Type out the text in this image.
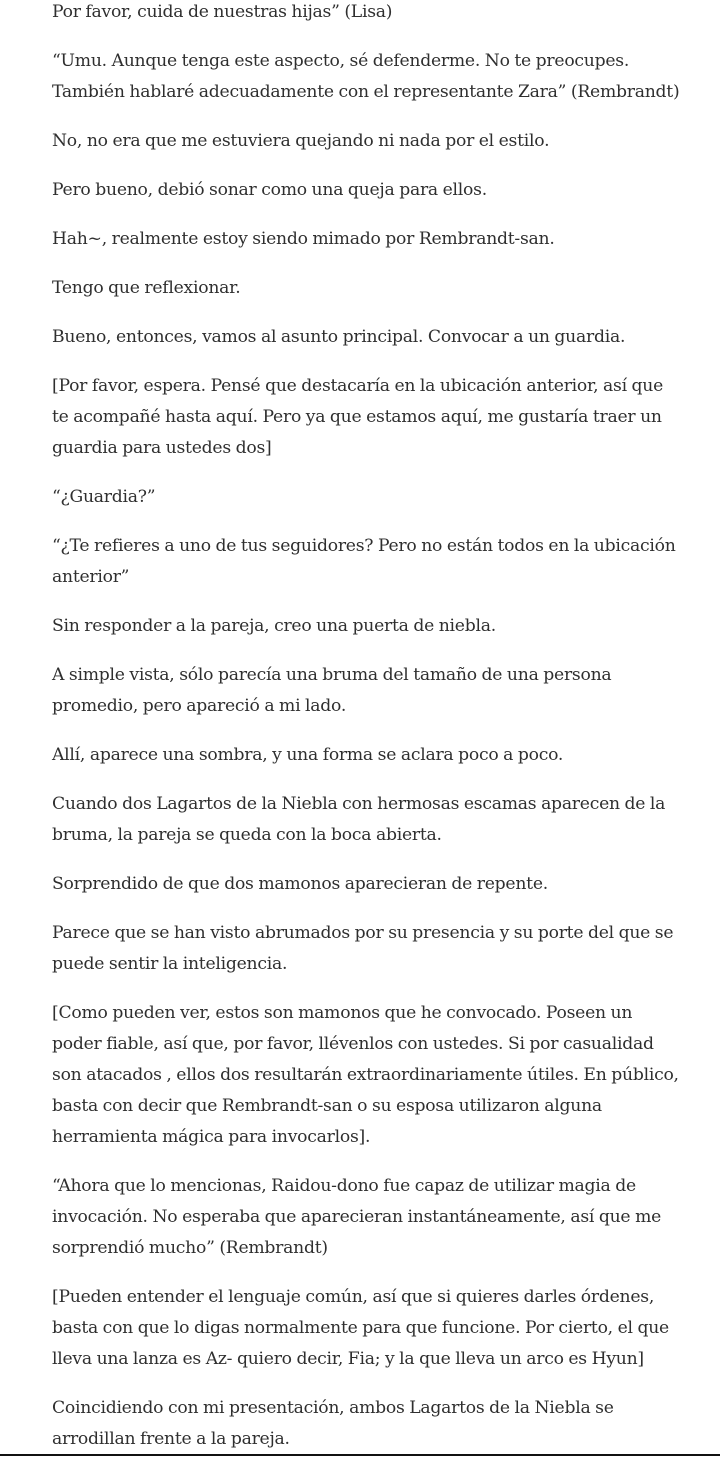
Por favor, cuida de nuestras hijas” (Lisa)

“Umu. Aunque tenga este aspecto, sé defenderme. No te preocupes. También hablaré adecuadamente con el representante Zara” (Rembrandt)

No, no era que me estuviera quejando ni nada por el estilo.

Pero bueno, debió sonar como una queja para ellos.

Hah~, realmente estoy siendo mimado por Rembrandt-san.

Tengo que reflexionar.

Bueno, entonces, vamos al asunto principal. Convocar a un guardia.

[Por favor, espera. Pensé que destacaría en la ubicación anterior, así que te acompañé hasta aquí. Pero ya que estamos aquí, me gustaría traer un guardia para ustedes dos]

“¿Guardia?”

“¿Te refieres a uno de tus seguidores? Pero no están todos en la ubicación anterior”

Sin responder a la pareja, creo una puerta de niebla.

A simple vista, sólo parecía una bruma del tamaño de una persona promedio, pero apareció a mi lado.

Allí, aparece una sombra, y una forma se aclara poco a poco.

Cuando dos Lagartos de la Niebla con hermosas escamas aparecen de la bruma, la pareja se queda con la boca abierta.

Sorprendido de que dos mamonos aparecieran de repente.

Parece que se han visto abrumados por su presencia y su porte del que se puede sentir la inteligencia.

[Como pueden ver, estos son mamonos que he convocado. Poseen un poder fiable, así que, por favor, llévenlos con ustedes. Si por casualidad son atacados , ellos dos resultarán extraordinariamente útiles. En público, basta con decir que Rembrandt-san o su esposa utilizaron alguna herramienta mágica para invocarlos].

“Ahora que lo mencionas, Raidou-dono fue capaz de utilizar magia de invocación. No esperaba que aparecieran instantáneamente, así que me sorprendió mucho” (Rembrandt)

[Pueden entender el lenguaje común, así que si quieres darles órdenes, basta con que lo digas normalmente para que funcione. Por cierto, el que lleva una lanza es Az- quiero decir, Fia; y la que lleva un arco es Hyun]

Coincidiendo con mi presentación, ambos Lagartos de la Niebla se arrodillan frente a la pareja.
